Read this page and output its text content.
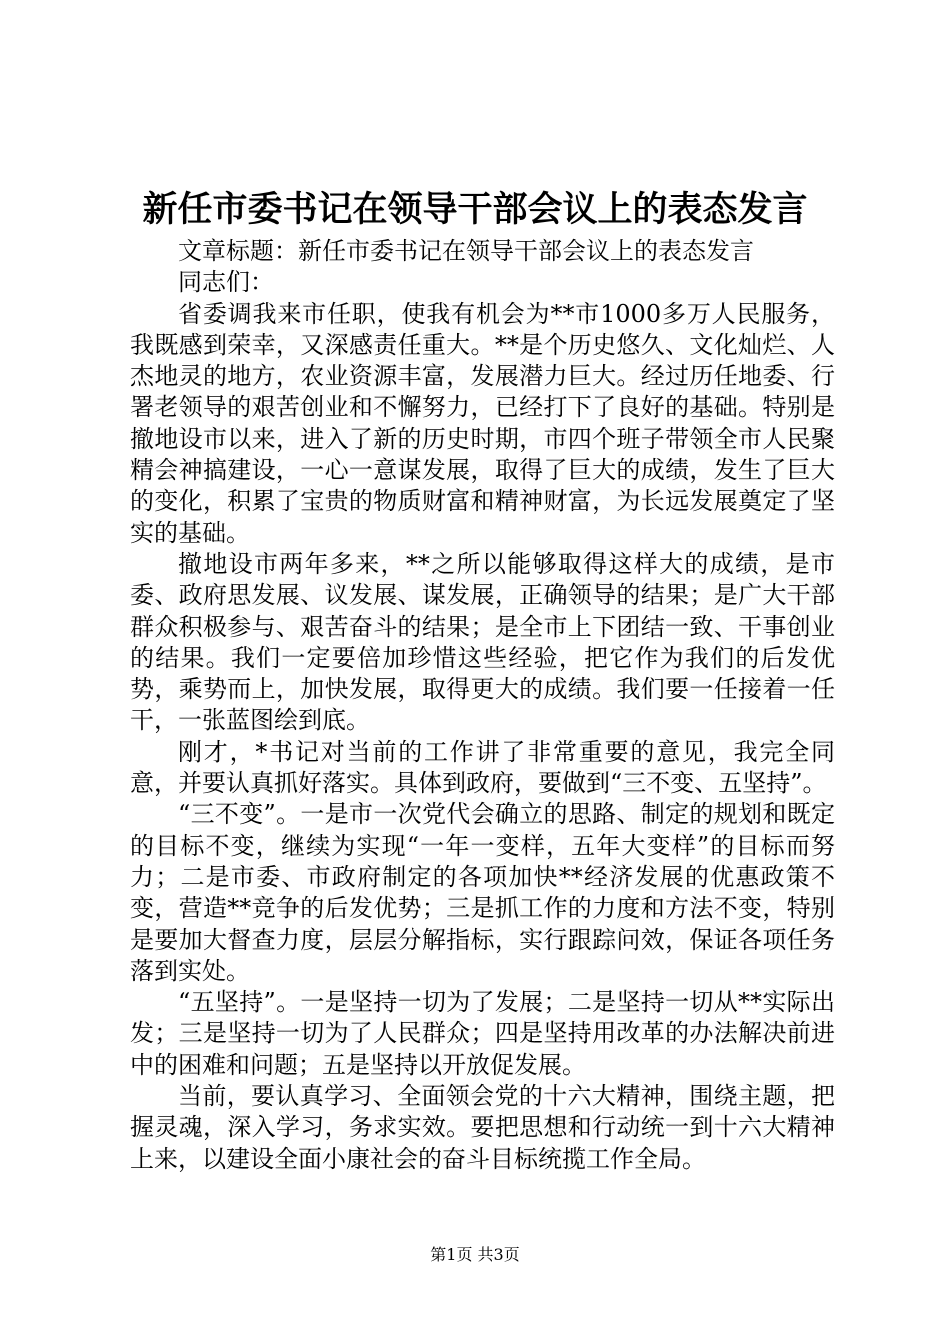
新任市委书记在领导干部会议上的表态发言

文章标题：新任市委书记在领导干部会议上的表态发言

同志们：

省委调我来市任职，使我有机会为**市1000多万人民服务，我既感到荣幸，又深感责任重大。**是个历史悠久、文化灿烂、人杰地灵的地方，农业资源丰富，发展潜力巨大。经过历任地委、行署老领导的艰苦创业和不懈努力，已经打下了良好的基础。特别是撤地设市以来，进入了新的历史时期，市四个班子带领全市人民聚精会神搞建设，一心一意谋发展，取得了巨大的成绩，发生了巨大的变化，积累了宝贵的物质财富和精神财富，为长远发展奠定了坚实的基础。

撤地设市两年多来，**之所以能够取得这样大的成绩，是市委、政府思发展、议发展、谋发展，正确领导的结果；是广大干部群众积极参与、艰苦奋斗的结果；是全市上下团结一致、干事创业的结果。我们一定要倍加珍惜这些经验，把它作为我们的后发优势，乘势而上，加快发展，取得更大的成绩。我们要一任接着一任干，一张蓝图绘到底。

刚才，*书记对当前的工作讲了非常重要的意见，我完全同意，并要认真抓好落实。具体到政府，要做到“三不变、五坚持”。

“三不变”。一是市一次党代会确立的思路、制定的规划和既定的目标不变，继续为实现“一年一变样，五年大变样”的目标而努力；二是市委、市政府制定的各项加快**经济发展的优惠政策不变，营造**竞争的后发优势；三是抓工作的力度和方法不变，特别是要加大督查力度，层层分解指标，实行跟踪问效，保证各项任务落到实处。

“五坚持”。一是坚持一切为了发展；二是坚持一切从**实际出发；三是坚持一切为了人民群众；四是坚持用改革的办法解决前进中的困难和问题；五是坚持以开放促发展。

当前，要认真学习、全面领会党的十六大精神，围绕主题，把握灵魂，深入学习，务求实效。要把思想和行动统一到十六大精神上来，以建设全面小康社会的奋斗目标统揽工作全局。

第1页 共3页
